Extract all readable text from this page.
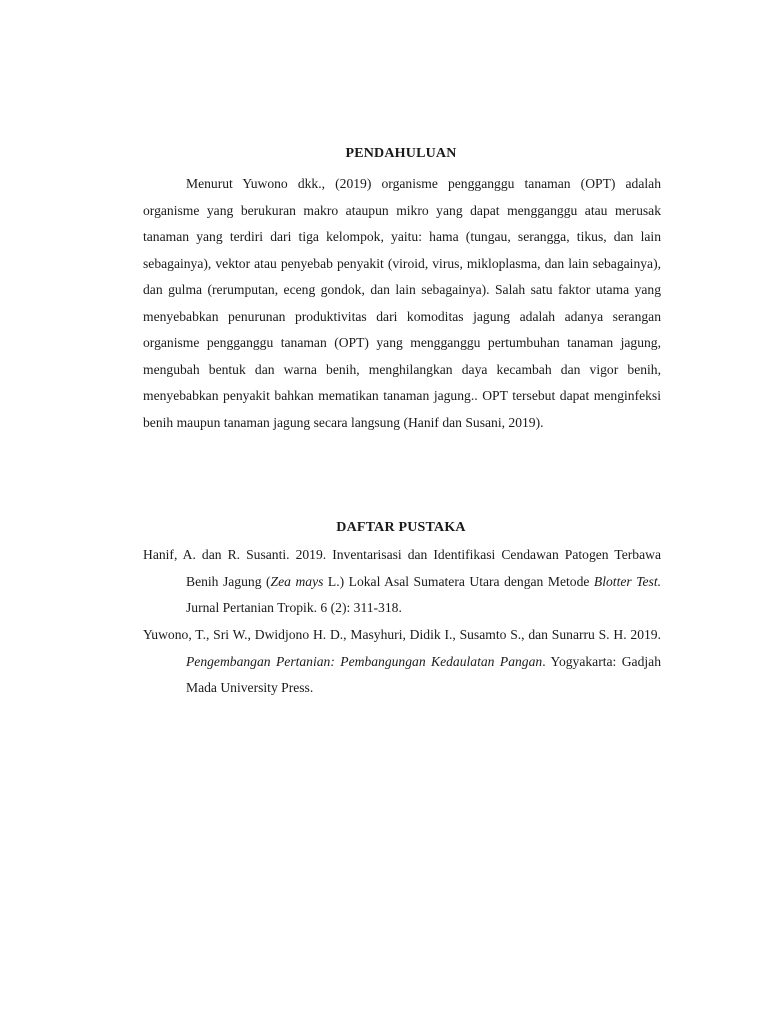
PENDAHULUAN

Menurut Yuwono dkk., (2019) organisme pengganggu tanaman (OPT) adalah organisme yang berukuran makro ataupun mikro yang dapat mengganggu atau merusak tanaman yang terdiri dari tiga kelompok, yaitu: hama (tungau, serangga, tikus, dan lain sebagainya), vektor atau penyebab penyakit (viroid, virus, mikloplasma, dan lain sebagainya), dan gulma (rerumputan, eceng gondok, dan lain sebagainya). Salah satu faktor utama yang menyebabkan penurunan produktivitas dari komoditas jagung adalah adanya serangan organisme pengganggu tanaman (OPT) yang mengganggu pertumbuhan tanaman jagung, mengubah bentuk dan warna benih, menghilangkan daya kecambah dan vigor benih, menyebabkan penyakit bahkan mematikan tanaman jagung.. OPT tersebut dapat menginfeksi benih maupun tanaman jagung secara langsung (Hanif dan Susani, 2019).

DAFTAR PUSTAKA

Hanif, A. dan R. Susanti. 2019. Inventarisasi dan Identifikasi Cendawan Patogen Terbawa Benih Jagung (Zea mays L.) Lokal Asal Sumatera Utara dengan Metode Blotter Test. Jurnal Pertanian Tropik. 6 (2): 311-318.

Yuwono, T., Sri W., Dwidjono H. D., Masyhuri, Didik I., Susamto S., dan Sunarru S. H. 2019. Pengembangan Pertanian: Pembangungan Kedaulatan Pangan. Yogyakarta: Gadjah Mada University Press.
